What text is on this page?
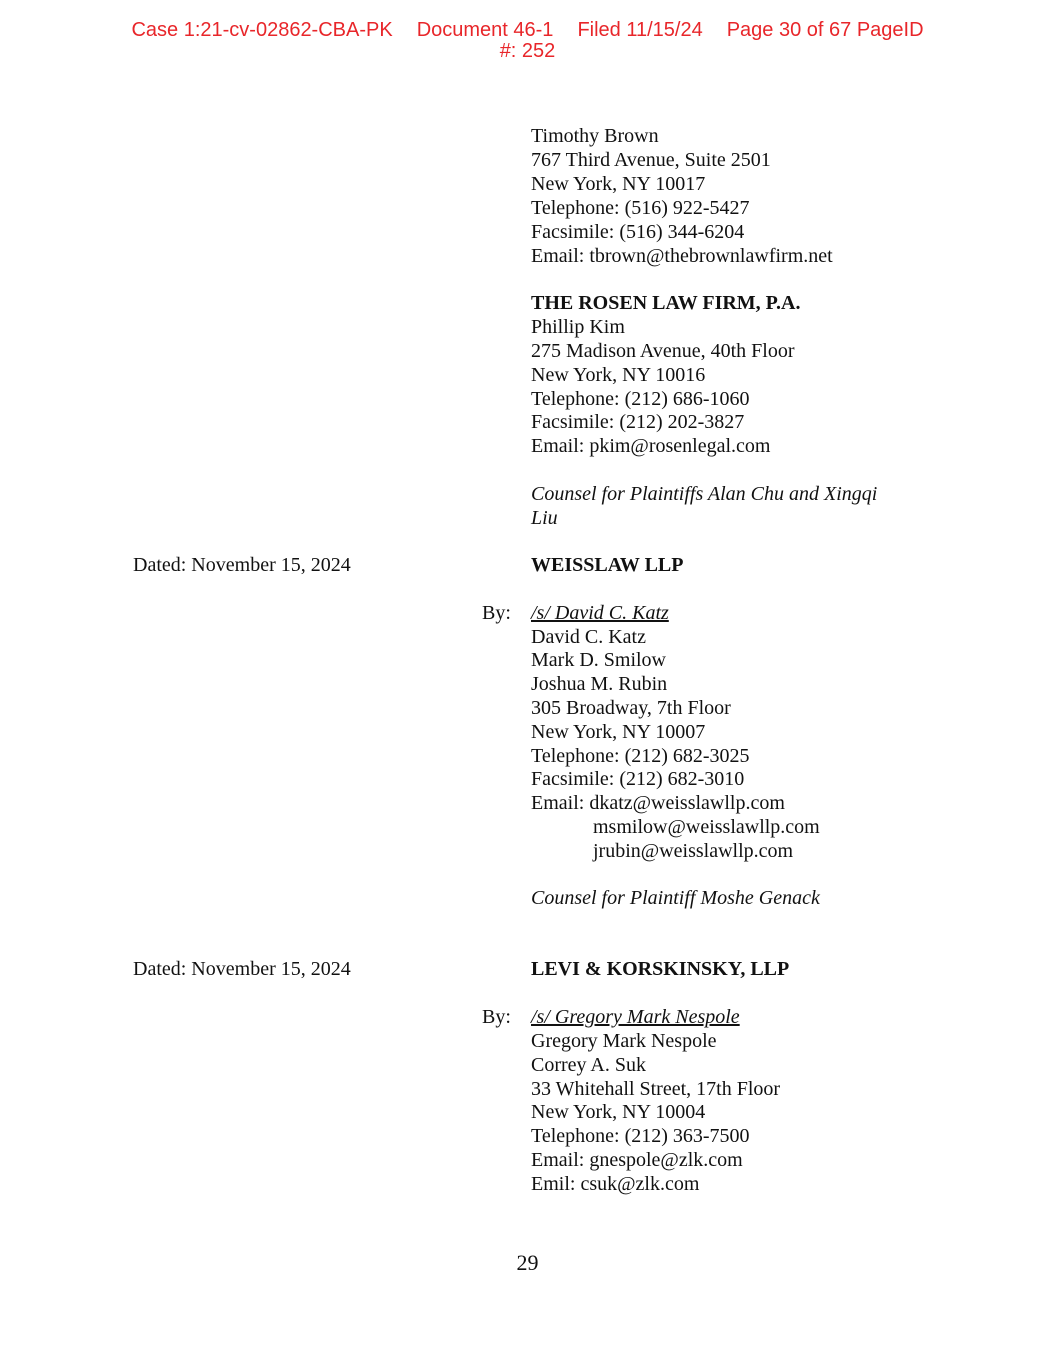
Case 1:21-cv-02862-CBA-PK Document 46-1 Filed 11/15/24 Page 30 of 67 PageID
#: 252
Timothy Brown
767 Third Avenue, Suite 2501
New York, NY 10017
Telephone: (516) 922-5427
Facsimile: (516) 344-6204
Email: tbrown@thebrownlawfirm.net
THE ROSEN LAW FIRM, P.A.
Phillip Kim
275 Madison Avenue, 40th Floor
New York, NY 10016
Telephone: (212) 686-1060
Facsimile: (212) 202-3827
Email: pkim@rosenlegal.com
Counsel for Plaintiffs Alan Chu and Xingqi
Liu
Dated: November 15, 2024	WEISSLAW LLP
By: /s/ David C. Katz
David C. Katz
Mark D. Smilow
Joshua M. Rubin
305 Broadway, 7th Floor
New York, NY 10007
Telephone: (212) 682-3025
Facsimile: (212) 682-3010
Email: dkatz@weisslawllp.com
msmilow@weisslawllp.com
jrubin@weisslawllp.com
Counsel for Plaintiff Moshe Genack
Dated: November 15, 2024	LEVI & KORSKINSKY, LLP
By: /s/ Gregory Mark Nespole
Gregory Mark Nespole
Correy A. Suk
33 Whitehall Street, 17th Floor
New York, NY 10004
Telephone: (212) 363-7500
Email: gnespole@zlk.com
Emil: csuk@zlk.com
29
